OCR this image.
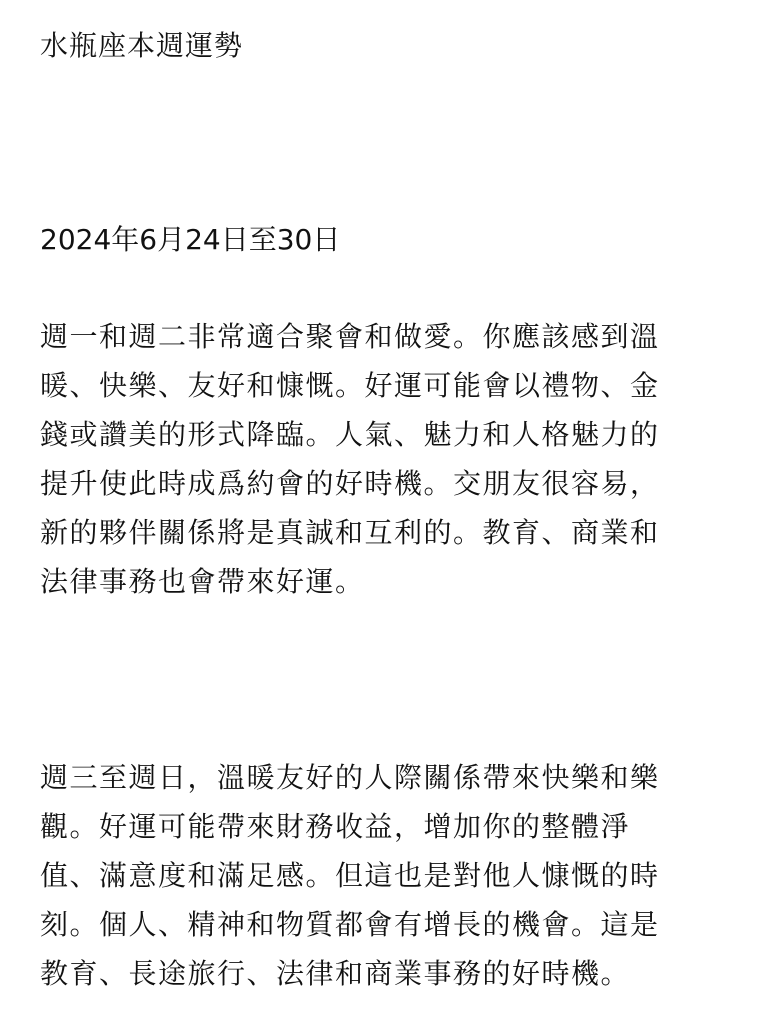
水瓶座本週運勢

2024年6月24日至30日

週一和週二非常適合聚會和做愛。你應該感到溫
暖、快樂、友好和慷慨。好運可能會以禮物、金
錢或讚美的形式降臨。人氣、魅力和人格魅力的
提升使此時成爲約會的好時機。交朋友很容易，
新的夥伴關係將是真誠和互利的。教育、商業和
法律事務也會帶來好運。

週三至週日，溫暖友好的人際關係帶來快樂和樂
觀。好運可能帶來財務收益，增加你的整體淨
值、滿意度和滿足感。但這也是對他人慷慨的時
刻。個人、精神和物質都會有增長的機會。這是
教育、長途旅行、法律和商業事務的好時機。
